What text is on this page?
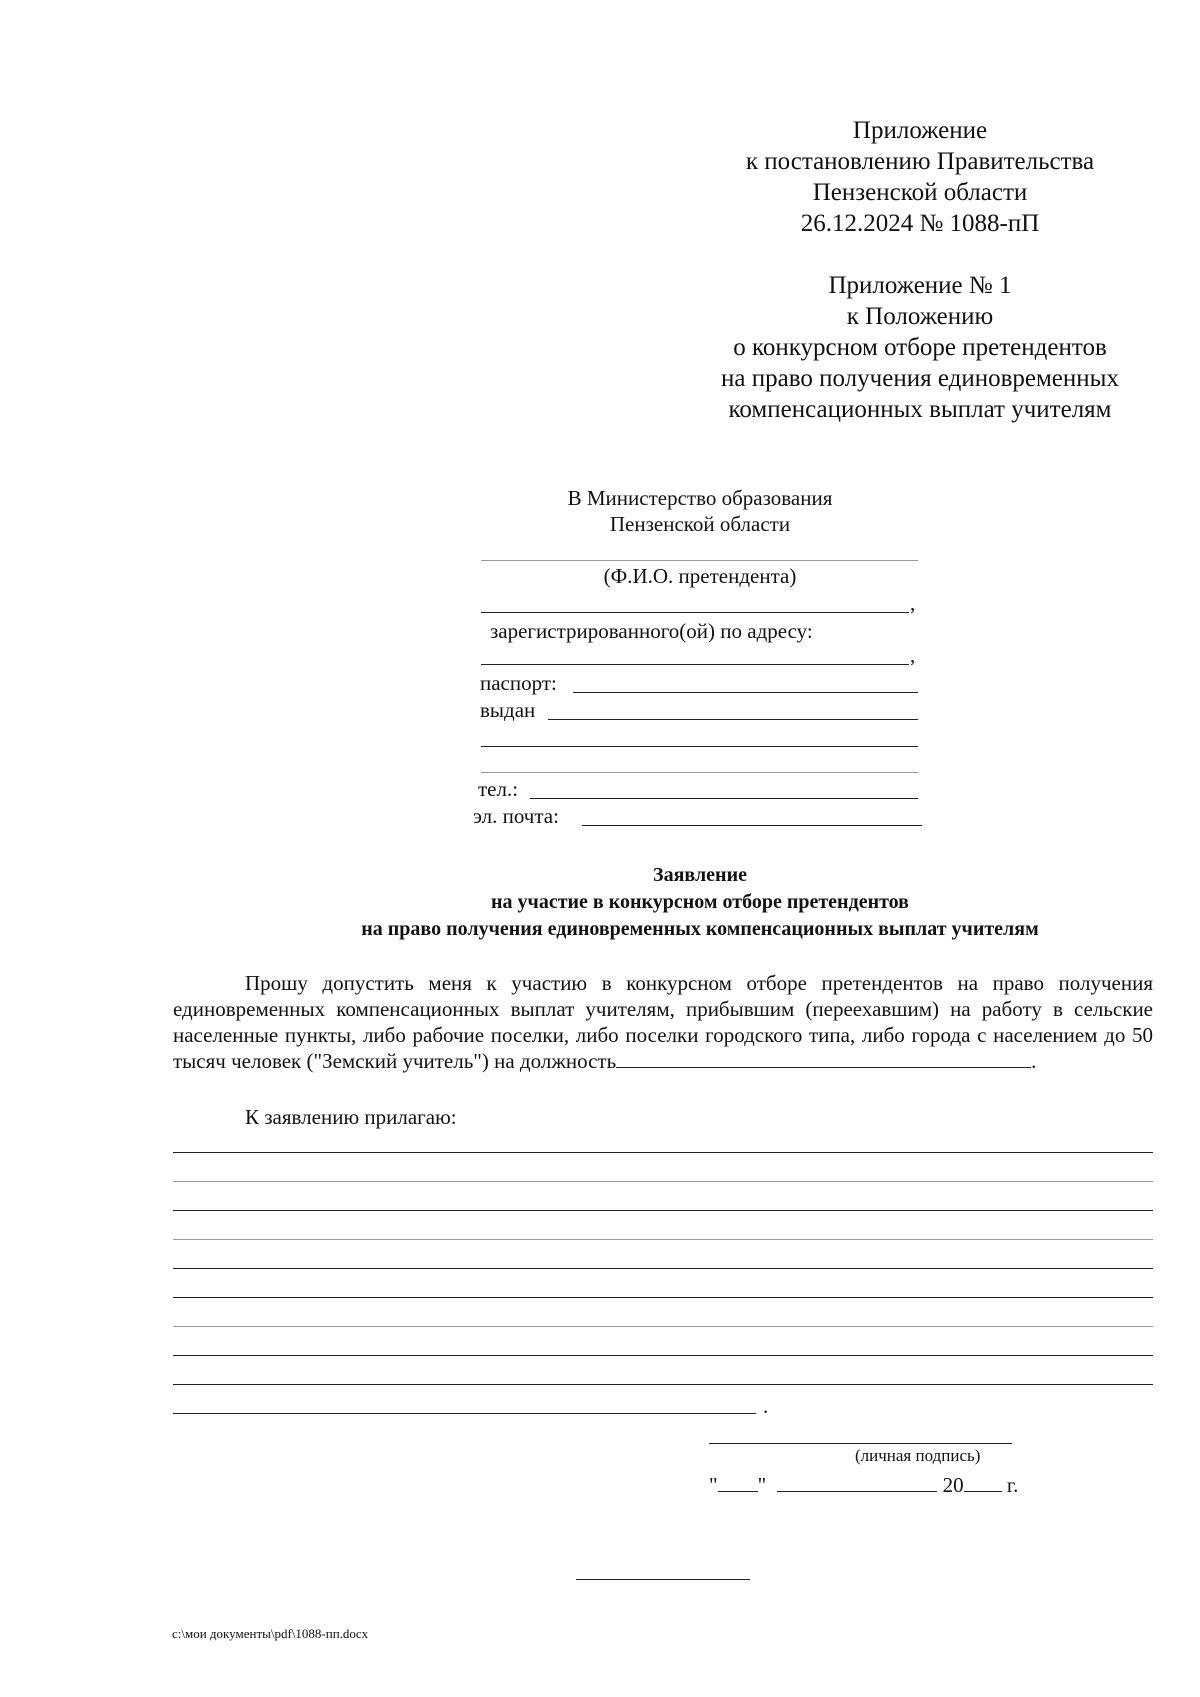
Приложение
к постановлению Правительства
Пензенской области
26.12.2024 № 1088-пП
Приложение № 1
к Положению
о конкурсном отборе претендентов
на право получения единовременных
компенсационных выплат учителям
В Министерство образования
Пензенской области
(Ф.И.О. претендента)
,
зарегистрированного(ой) по адресу:
,
паспорт:
выдан
тел.:
эл. почта:
Заявление
на участие в конкурсном отборе претендентов
на право получения единовременных компенсационных выплат учителям
Прошу допустить меня к участию в конкурсном отборе претендентов на право получения единовременных компенсационных выплат учителям, прибывшим (переехавшим) на работу в сельские населенные пункты, либо рабочие поселки, либо поселки городского типа, либо города с населением до 50 тысяч человек ("Земский учитель") на должность	.
К заявлению прилагаю:
.
(личная подпись)
" "	20 г.
c:\мои документы\pdf\1088-пп.docx
